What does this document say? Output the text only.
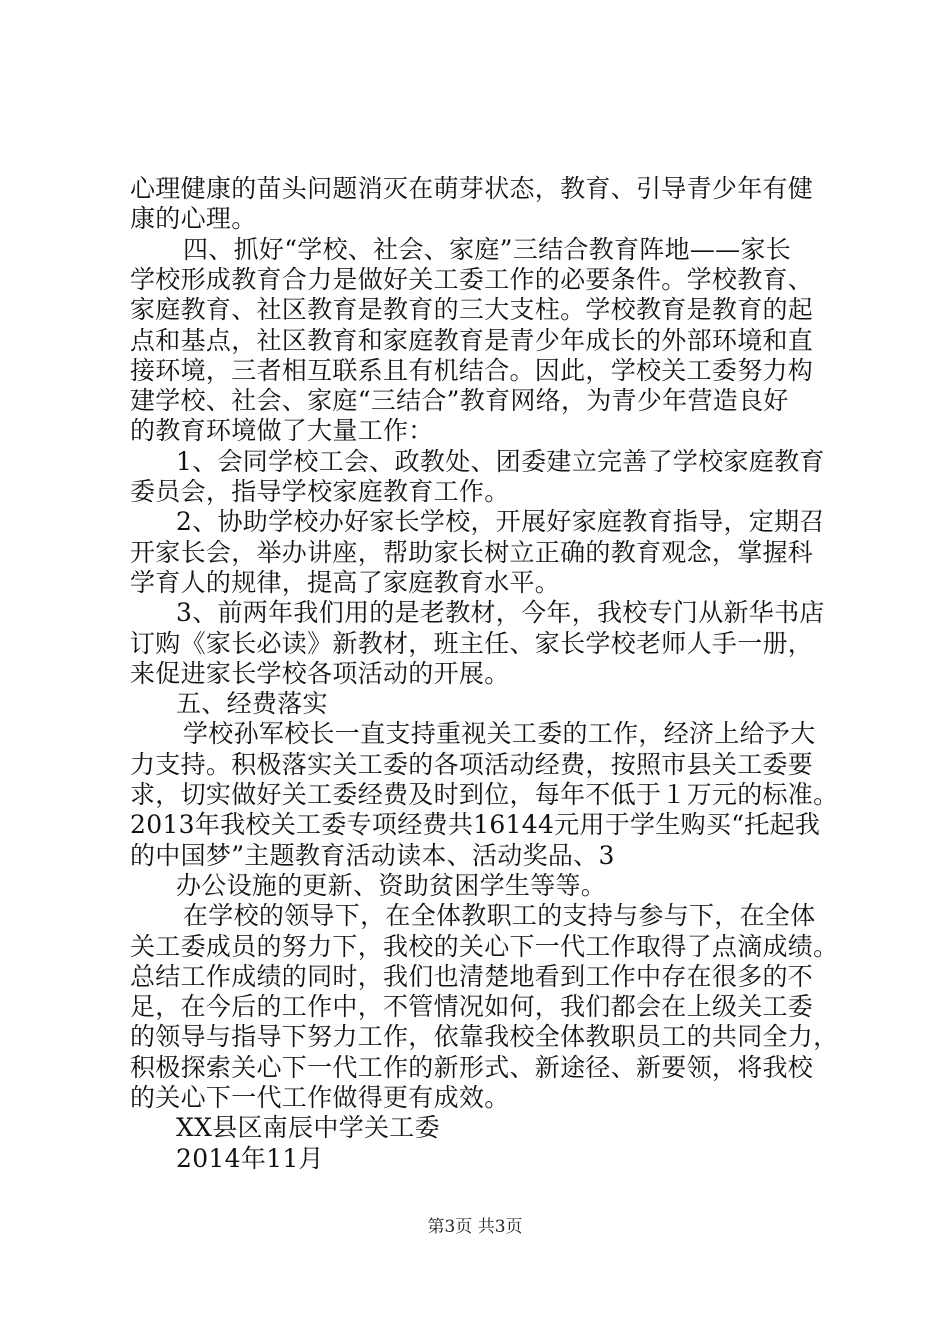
心理健康的苗头问题消灭在萌芽状态，教育、引导青少年有健
康的心理。
四、抓好“学校、社会、家庭”三结合教育阵地——家长
学校形成教育合力是做好关工委工作的必要条件。学校教育、
家庭教育、社区教育是教育的三大支柱。学校教育是教育的起
点和基点，社区教育和家庭教育是青少年成长的外部环境和直
接环境，三者相互联系且有机结合。因此，学校关工委努力构
建学校、社会、家庭“三结合”教育网络，为青少年营造良好
的教育环境做了大量工作：
1、会同学校工会、政教处、团委建立完善了学校家庭教育
委员会，指导学校家庭教育工作。
2、协助学校办好家长学校，开展好家庭教育指导，定期召
开家长会，举办讲座，帮助家长树立正确的教育观念，掌握科
学育人的规律，提高了家庭教育水平。
3、前两年我们用的是老教材，今年，我校专门从新华书店
订购《家长必读》新教材，班主任、家长学校老师人手一册，
来促进家长学校各项活动的开展。
五、经费落实
学校孙军校长一直支持重视关工委的工作，经济上给予大
力支持。积极落实关工委的各项活动经费，按照市县关工委要
求，切实做好关工委经费及时到位，每年不低于１万元的标准。
2013年我校关工委专项经费共16144元用于学生购买“托起我
的中国梦”主题教育活动读本、活动奖品、3
办公设施的更新、资助贫困学生等等。
在学校的领导下，在全体教职工的支持与参与下，在全体
关工委成员的努力下，我校的关心下一代工作取得了点滴成绩。
总结工作成绩的同时，我们也清楚地看到工作中存在很多的不
足，在今后的工作中，不管情况如何，我们都会在上级关工委
的领导与指导下努力工作，依靠我校全体教职员工的共同全力，
积极探索关心下一代工作的新形式、新途径、新要领，将我校
的关心下一代工作做得更有成效。
XX县区南辰中学关工委
2014年11月
第3页 共3页
